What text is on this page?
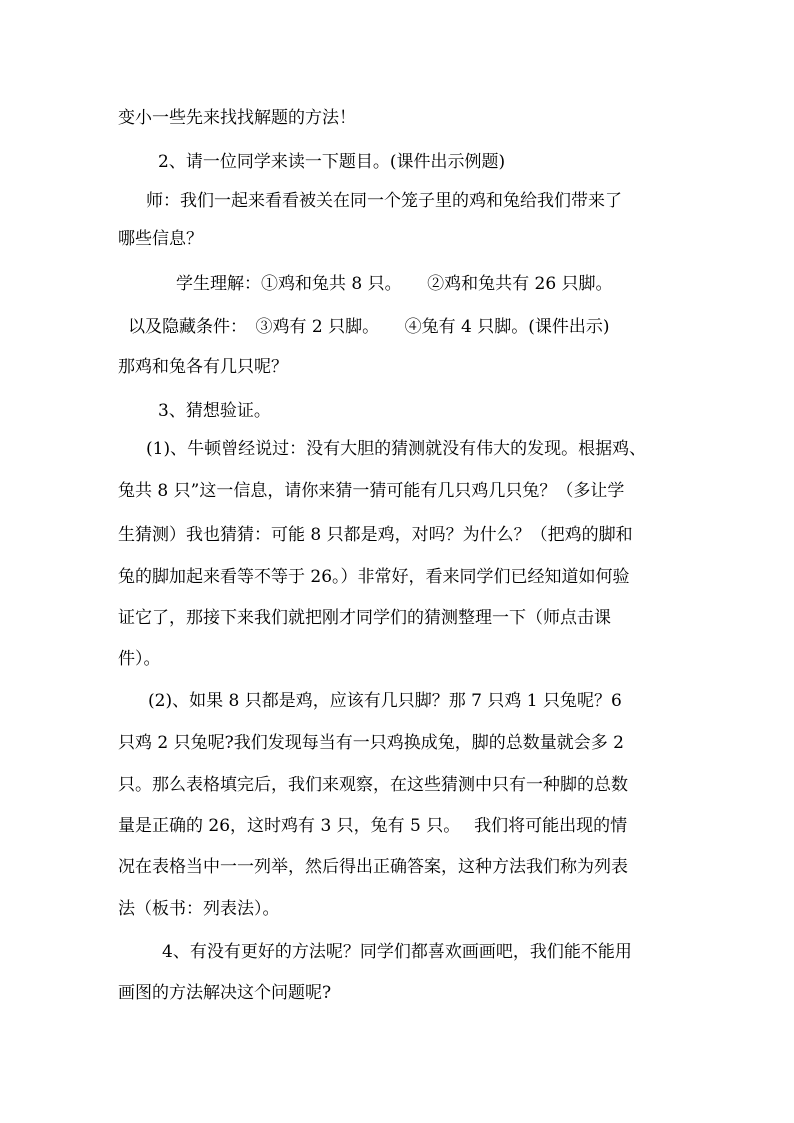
变小一些先来找找解题的方法！
2、请一位同学来读一下题目。(课件出示例题)
师：我们一起来看看被关在同一个笼子里的鸡和兔给我们带来了
哪些信息？
学生理解：①鸡和兔共 8 只。　　②鸡和兔共有 26 只脚。
以及隐藏条件：　③鸡有 2 只脚。　　④兔有 4 只脚。(课件出示)
那鸡和兔各有几只呢？
3、猜想验证。
(1)、牛顿曾经说过：没有大胆的猜测就没有伟大的发现。根据鸡、
兔共 8 只”这一信息，请你来猜一猜可能有几只鸡几只兔？（多让学
生猜测）我也猜猜：可能 8 只都是鸡，对吗？为什么？（把鸡的脚和
兔的脚加起来看等不等于 26。）非常好，看来同学们已经知道如何验
证它了，那接下来我们就把刚才同学们的猜测整理一下（师点击课
件）。
(2)、如果 8 只都是鸡，应该有几只脚？那 7 只鸡 1 只兔呢？6
只鸡 2 只兔呢?我们发现每当有一只鸡换成兔，脚的总数量就会多 2
只。那么表格填完后，我们来观察，在这些猜测中只有一种脚的总数
量是正确的 26，这时鸡有 3 只，兔有 5 只。　 我们将可能出现的情
况在表格当中一一列举，然后得出正确答案，这种方法我们称为列表
法（板书：列表法）。
4、有没有更好的方法呢？同学们都喜欢画画吧，我们能不能用
画图的方法解决这个问题呢?
